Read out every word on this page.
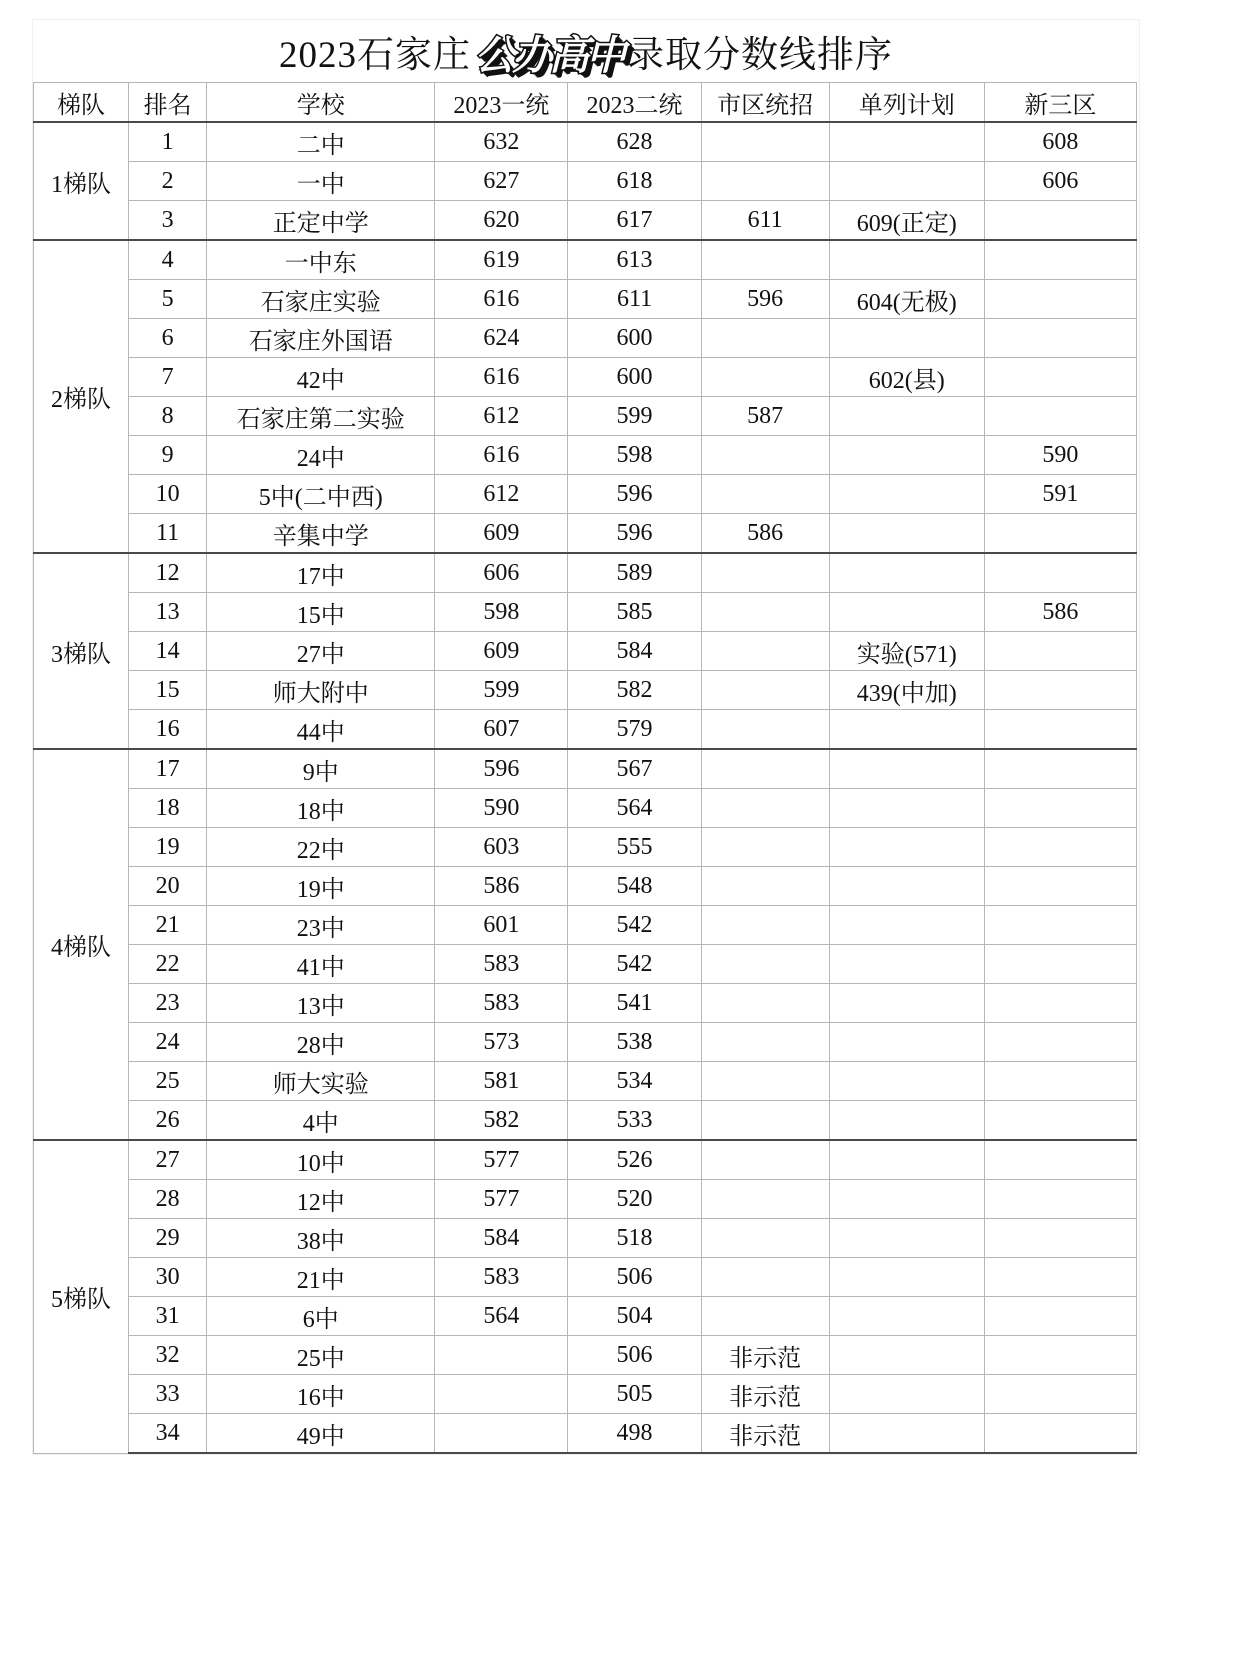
2023石家庄 公办高中 录取分数线排序
梯队	排名	学校	2023一统	2023二统	市区统招	单列计划	新三区
1梯队	1	二中	632	628			608
	2	一中	627	618			606
	3	正定中学	620	617	611	609(正定)	
2梯队	4	一中东	619	613			
	5	石家庄实验	616	611	596	604(无极)	
	6	石家庄外国语	624	600			
	7	42中	616	600		602(县)	
	8	石家庄第二实验	612	599	587		
	9	24中	616	598			590
	10	5中(二中西)	612	596			591
	11	辛集中学	609	596	586		
3梯队	12	17中	606	589			
	13	15中	598	585			586
	14	27中	609	584		实验(571)	
	15	师大附中	599	582		439(中加)	
	16	44中	607	579			
4梯队	17	9中	596	567			
	18	18中	590	564			
	19	22中	603	555			
	20	19中	586	548			
	21	23中	601	542			
	22	41中	583	542			
	23	13中	583	541			
	24	28中	573	538			
	25	师大实验	581	534			
	26	4中	582	533			
5梯队	27	10中	577	526			
	28	12中	577	520			
	29	38中	584	518			
	30	21中	583	506			
	31	6中	564	504			
	32	25中		506	非示范		
	33	16中		505	非示范		
	34	49中		498	非示范		
